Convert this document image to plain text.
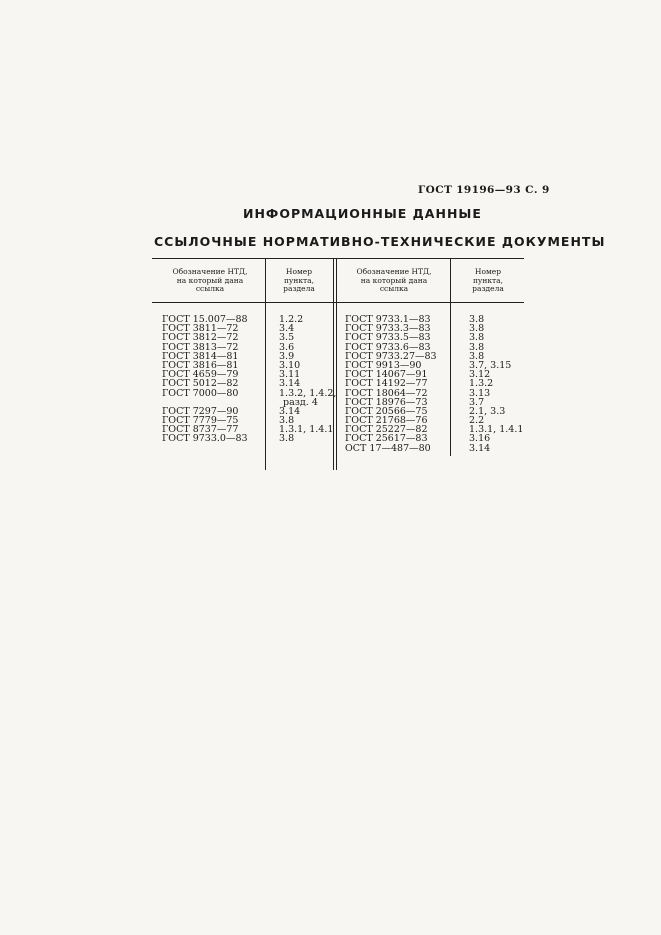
ГОСТ 19196—93 С. 9
ИНФОРМАЦИОННЫЕ ДАННЫЕ
ССЫЛОЧНЫЕ НОРМАТИВНО-ТЕХНИЧЕСКИЕ ДОКУМЕНТЫ
Обозначение НТД,
на который дана
ссылка
Номер
пункта,
раздела
Обозначение НТД,
на который дана
ссылка
Номер
пункта,
раздела
ГОСТ 15.007—88
ГОСТ 3811—72
ГОСТ 3812—72
ГОСТ 3813—72
ГОСТ 3814—81
ГОСТ 3816—81
ГОСТ 4659—79
ГОСТ 5012—82
ГОСТ 7000—80
ГОСТ 7297—90
ГОСТ 7779—75
ГОСТ 8737—77
ГОСТ 9733.0—83
1.2.2
3.4
3.5
3.6
3.9
3.10
3.11
3.14
1.3.2, 1.4.2,
разд. 4
3.14
3.8
1.3.1, 1.4.1
3.8
ГОСТ 9733.1—83
ГОСТ 9733.3—83
ГОСТ 9733.5—83
ГОСТ 9733.6—83
ГОСТ 9733.27—83
ГОСТ 9913—90
ГОСТ 14067—91
ГОСТ 14192—77
ГОСТ 18064—72
ГОСТ 18976—73
ГОСТ 20566—75
ГОСТ 21768—76
ГОСТ 25227—82
ГОСТ 25617—83
ОСТ 17—487—80
3.8
3.8
3.8
3.8
3.8
3.7, 3.15
3.12
1.3.2
3.13
3.7
2.1, 3.3
2.2
1.3.1, 1.4.1
3.16
3.14
